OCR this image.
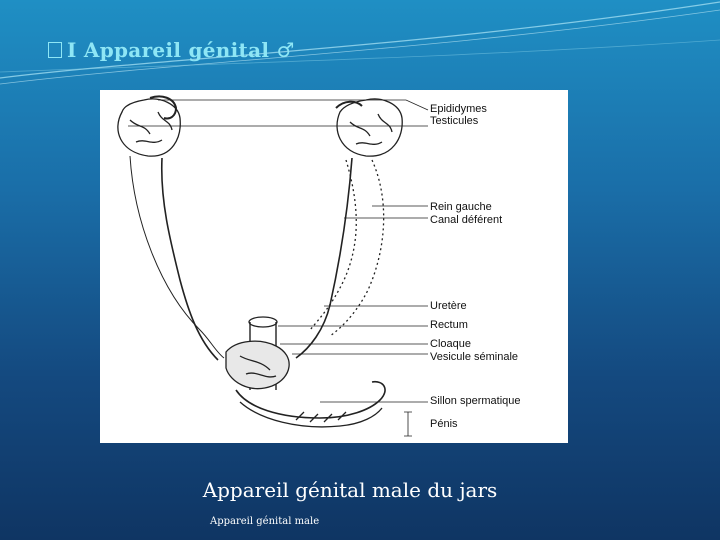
I Appareil génital ♂
Epididymes
Testicules
Rein gauche
Canal déférent
Uretère
Rectum
Cloaque
Vesicule séminale
Sillon spermatique
Pénis
Appareil génital male du jars
Appareil génital male
